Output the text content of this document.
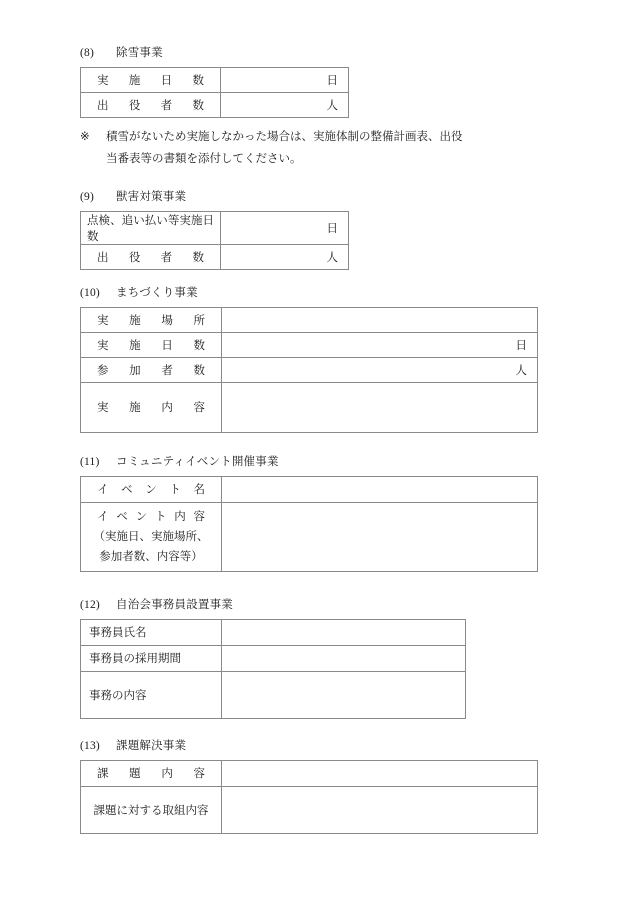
(8) 除雪事業
実施日数	日

出役者数	人
※ 積雪がないため実施しなかった場合は、実施体制の整備計画表、出役
当番表等の書類を添付してください。
(9) 獣害対策事業
点検、追い払い等実施日数	日

出役者数	人
(10) まちづくり事業
実施場所	

実施日数	日

参加者数	人

実施内容	

(11) コミュニティイベント開催事業
イベント名	

イベント内容
（実施日、実施場所、
参加者数、内容等）	

(12) 自治会事務員設置事業
事務員氏名	

事務員の採用期間	

事務の内容	

(13) 課題解決事業
課題内容	

課題に対する取組内容	
